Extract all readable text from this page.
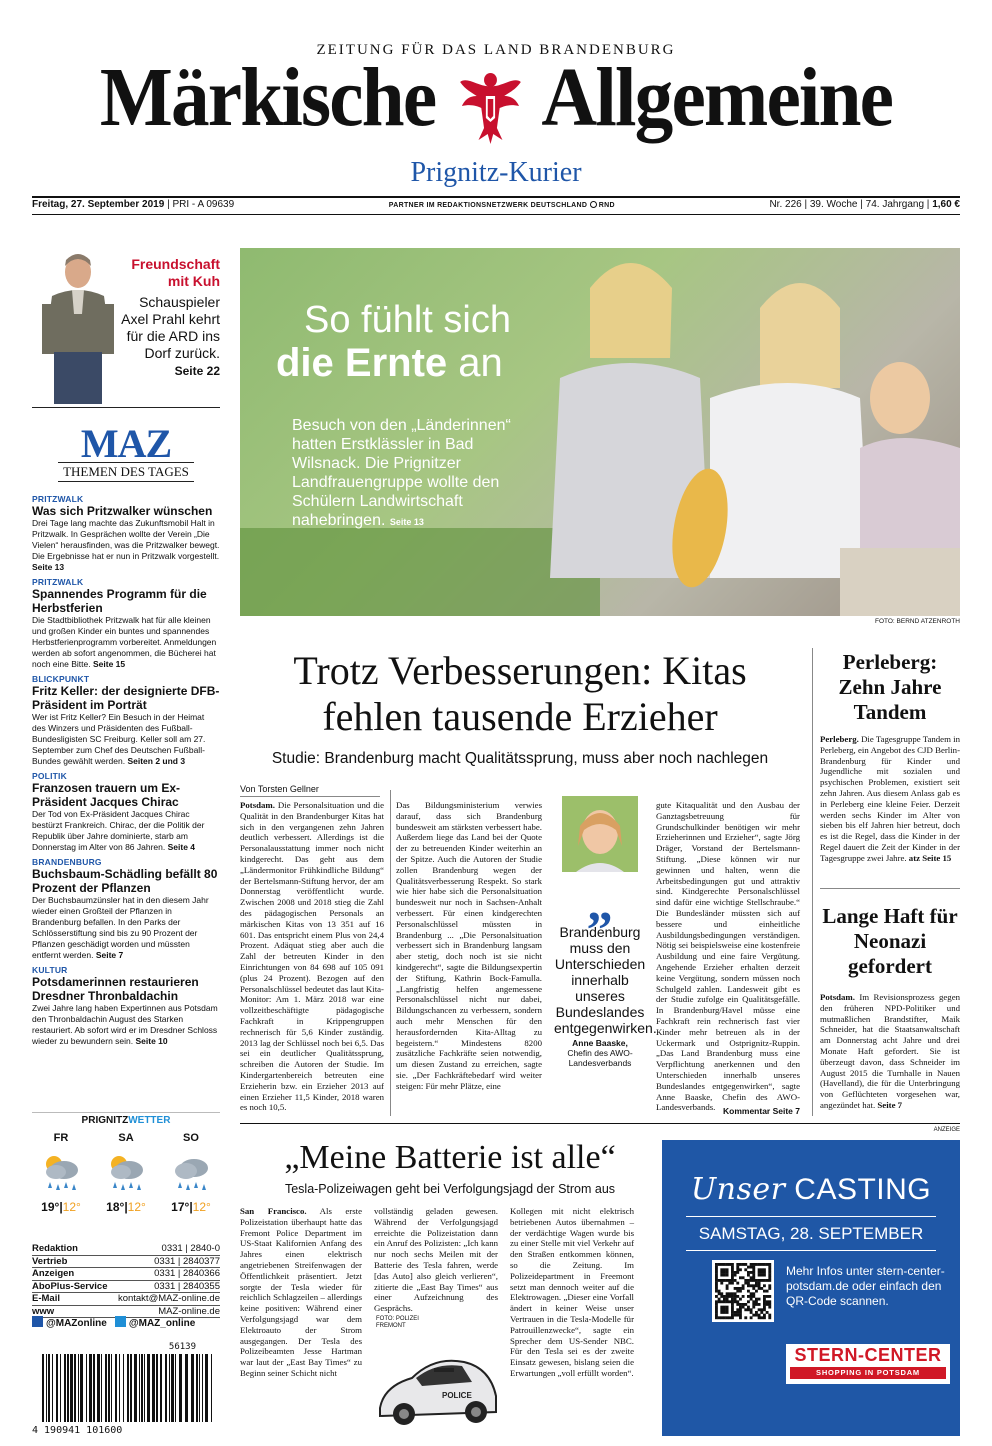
ZEITUNG FÜR DAS LAND BRANDENBURG
Märkische Allgemeine
Prignitz-Kurier
Freitag, 27. September 2019 | PRI - A 09639	PARTNER IM REDAKTIONSNETZWERK DEUTSCHLAND RND	Nr. 226 | 39. Woche | 74. Jahrgang | 1,60 €
Freundschaft mit Kuh
Schauspieler Axel Prahl kehrt für die ARD ins Dorf zurück. Seite 22
MAZ
THEMEN DES TAGES
PRITZWALK
Was sich Pritzwalker wünschen
Drei Tage lang machte das Zukunftsmobil Halt in Pritzwalk. In Gesprächen wollte der Verein „Die Vielen“ herausfinden, was die Pritzwalker bewegt. Die Ergebnisse hat er nun in Pritzwalk vorgestellt. Seite 13
PRITZWALK
Spannendes Programm für die Herbstferien
Die Stadtbibliothek Pritzwalk hat für alle kleinen und großen Kinder ein buntes und spannendes Herbstferienprogramm vorbereitet. Anmeldungen werden ab sofort angenommen, die Bücherei hat noch eine Bitte. Seite 15
BLICKPUNKT
Fritz Keller: der designierte DFB-Präsident im Porträt
Wer ist Fritz Keller? Ein Besuch in der Heimat des Winzers und Präsidenten des Fußball-Bundesligisten SC Freiburg. Keller soll am 27. September zum Chef des Deutschen Fußball-Bundes gewählt werden. Seiten 2 und 3
POLITIK
Franzosen trauern um Ex-Präsident Jacques Chirac
Der Tod von Ex-Präsident Jacques Chirac bestürzt Frankreich. Chirac, der die Politik der Republik über Jahre dominierte, starb am Donnerstag im Alter von 86 Jahren. Seite 4
BRANDENBURG
Buchsbaum-Schädling befällt 80 Prozent der Pflanzen
Der Buchsbaumzünsler hat in den diesem Jahr wieder einen Großteil der Pflanzen in Brandenburg befallen. In den Parks der Schlösserstiftung sind bis zu 90 Prozent der Pflanzen geschädigt worden und müssten entfernt werden. Seite 7
KULTUR
Potsdamerinnen restaurieren Dresdner Thronbaldachin
Zwei Jahre lang haben Expertinnen aus Potsdam den Thronbaldachin August des Starken restauriert. Ab sofort wird er im Dresdner Schloss wieder zu bewundern sein. Seite 10
PRIGNITZWETTER
FR	SA	SO
19°|12°	18°|12°	17°|12°
Redaktion	0331 | 2840-0
Vertrieb	0331 | 2840377
Anzeigen	0331 | 2840366
AboPlus-Service	0331 | 2840355
E-Mail	kontakt@MAZ-online.de
www	MAZ-online.de
@MAZonline	@MAZ_online
56139
4 190941 101600
So fühlt sich
die Ernte an
Besuch von den „Länderinnen“ hatten Erstklässler in Bad Wilsnack. Die Prignitzer Landfrauengruppe wollte den Schülern Landwirtschaft nahebringen. Seite 13
FOTO: BERND ATZENROTH
Trotz Verbesserungen: Kitas
fehlen tausende Erzieher
Studie: Brandenburg macht Qualitätssprung, muss aber noch nachlegen
Von Torsten Gellner
Potsdam. Die Personalsituation und die Qualität in den Brandenburger Kitas hat sich in den vergangenen zehn Jahren deutlich verbessert. Allerdings ist die Personalausstattung immer noch nicht kindgerecht. Das geht aus dem „Ländermonitor Frühkindliche Bildung“ der Bertelsmann-Stiftung hervor, der am Donnerstag veröffentlicht wurde. Zwischen 2008 und 2018 stieg die Zahl des pädagogischen Personals an märkischen Kitas von 13 351 auf 16 601. Das entspricht einem Plus von 24,4 Prozent. Adäquat stieg aber auch die Zahl der betreuten Kinder in den Einrichtungen von 84 698 auf 105 091 (plus 24 Prozent). Bezogen auf den Personalschlüssel bedeutet das laut Kita-Monitor: Am 1. März 2018 war eine vollzeitbeschäftigte pädagogische Fachkraft in Krippengruppen rechnerisch für 5,6 Kinder zuständig. 2013 lag der Schlüssel noch bei 6,5. Das sei ein deutlicher Qualitätssprung, schreiben die Autoren der Studie. Im Kindergartenbereich betreuten eine Erzieherin bzw. ein Erzieher 2013 auf einen Erzieher 11,5 Kinder, 2018 waren es noch 10,5.
Das Bildungsministerium verwies darauf, dass sich Brandenburg bundesweit am stärksten verbessert habe. Außerdem liege das Land bei der Quote der zu betreuenden Kinder weiterhin an der Spitze. Auch die Autoren der Studie zollen Brandenburg wegen der Qualitätsverbesserung Respekt. So stark wie hier habe sich die Personalsituation bundesweit nur noch in Sachsen-Anhalt verbessert. Für einen kindgerechten Personalschlüssel müssten in Brandenburg ... „Die Personalsituation verbessert sich in Brandenburg langsam aber stetig, doch noch ist sie nicht kindgerecht“, sagte die Bildungsexpertin der Stiftung, Kathrin Bock-Famulla. „Langfristig helfen angemessene Personalschlüssel nicht nur dabei, Bildungschancen zu verbessern, sondern auch mehr Menschen für den herausfordernden Kita-Alltag zu begeistern.“ Mindestens 8200 zusätzliche Fachkräfte seien notwendig, um diesen Zustand zu erreichen, sagte sie. „Der Fachkräftebedarf wird weiter steigen: Für mehr Plätze, eine
„
Brandenburg muss den Unterschieden innerhalb unseres Bundeslandes entgegenwirken.
Anne Baaske,
Chefin des AWO-Landesverbands
gute Kitaqualität und den Ausbau der Ganztagsbetreuung für Grundschulkinder benötigen wir mehr Erzieherinnen und Erzieher“, sagte Jörg Dräger, Vorstand der Bertelsmann-Stiftung. „Diese können wir nur gewinnen und halten, wenn die Arbeitsbedingungen gut und attraktiv sind. Kindgerechte Personalschlüssel sind dafür eine wichtige Stellschraube.“ Die Bundesländer müssten sich auf bessere und einheitliche Ausbildungsbedingungen verständigen. Nötig sei beispielsweise eine kostenfreie Ausbildung und eine faire Vergütung. Angehende Erzieher erhalten derzeit keine Vergütung, sondern müssen noch Schulgeld zahlen. Landesweit gibt es der Studie zufolge ein Qualitätsgefälle. In Brandenburg/Havel müsse eine Fachkraft rein rechnerisch fast vier Kinder mehr betreuen als in der Uckermark und Ostprignitz-Ruppin. „Das Land Brandenburg muss eine Verpflichtung anerkennen und den Unterschieden innerhalb unseres Bundeslandes entgegenwirken“, sagte Anne Baaske, Chefin des AWO-Landesverbands. Kommentar Seite 7
Perleberg: Zehn Jahre Tandem
Perleberg. Die Tagesgruppe Tandem in Perleberg, ein Angebot des CJD Berlin-Brandenburg für Kinder und Jugendliche mit sozialen und psychischen Problemen, existiert seit zehn Jahren. Aus diesem Anlass gab es in Perleberg eine kleine Feier. Derzeit werden sechs Kinder im Alter von sieben bis elf Jahren hier betreut, doch es ist die Regel, dass die Kinder in der Regel dauert die Zeit der Kinder in der Tagesgruppe zwei Jahre. atz Seite 15
Lange Haft für Neonazi gefordert
Potsdam. Im Revisionsprozess gegen den früheren NPD-Politiker und mutmaßlichen Brandstifter, Maik Schneider, hat die Staatsanwaltschaft am Donnerstag acht Jahre und drei Monate Haft gefordert. Sie ist überzeugt davon, dass Schneider im August 2015 die Turnhalle in Nauen (Havelland), die für die Unterbringung von Geflüchteten vorgesehen war, angezündet hat. Seite 7
ANZEIGE
„Meine Batterie ist alle“
Tesla-Polizeiwagen geht bei Verfolgungsjagd der Strom aus
San Francisco. Als erste Polizeistation überhaupt hatte das Fremont Police Department im US-Staat Kalifornien Anfang des Jahres einen elektrisch angetriebenen Streifenwagen der Öffentlichkeit präsentiert. Jetzt sorgte der Tesla wieder für reichlich Schlagzeilen – allerdings keine positiven: Während einer Verfolgungsjagd war dem Elektroauto der Strom ausgegangen. Der Tesla des Polizeibeamten Jesse Hartman war laut der „East Bay Times“ zu Beginn seiner Schicht nicht
vollständig geladen gewesen. Während der Verfolgungsjagd erreichte die Polizeistation dann ein Anruf des Polizisten: „Ich kann nur noch sechs Meilen mit der Batterie des Tesla fahren, werde [das Auto] also gleich verlieren“, zitierte die „East Bay Times“ aus einer Aufzeichnung des Gesprächs.
FOTO: POLIZEI
FREMONT
POLICE
Kollegen mit nicht elektrisch betriebenen Autos übernahmen – der verdächtige Wagen wurde bis zu einer Stelle mit viel Verkehr auf den Straßen entkommen können, so die Zeitung. Im Polizeidepartment in Freemont setzt man dennoch weiter auf die Elektrowagen. „Dieser eine Vorfall ändert in keiner Weise unser Vertrauen in die Tesla-Modelle für Patrouillenzwecke“, sagte ein Sprecher dem US-Sender NBC. Für den Tesla sei es der zweite Einsatz gewesen, bislang seien die Erwartungen „voll erfüllt worden“.
Unser CASTING
SAMSTAG, 28. SEPTEMBER
Mehr Infos unter stern-center-potsdam.de oder einfach den QR-Code scannen.
STERN-CENTER
SHOPPING IN POTSDAM
